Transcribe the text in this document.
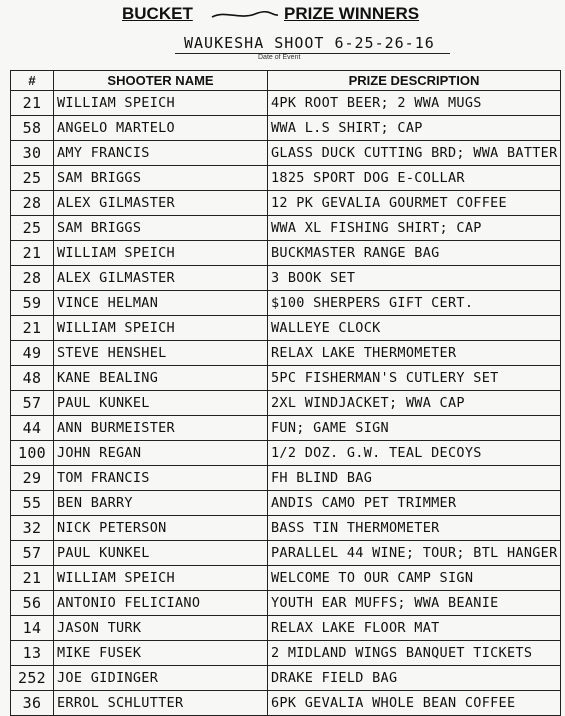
BUCKET	PRIZE WINNERS
WAUKESHA SHOOT 6-25-26-16
Date of Event
#	SHOOTER NAME	PRIZE DESCRIPTION
21	WILLIAM SPEICH	4PK ROOT BEER; 2 WWA MUGS
58	ANGELO MARTELO	WWA L.S SHIRT; CAP
30	AMY FRANCIS	GLASS DUCK CUTTING BRD; WWA BATTER
25	SAM BRIGGS	1825 SPORT DOG E-COLLAR
28	ALEX GILMASTER	12 PK GEVALIA GOURMET COFFEE
25	SAM BRIGGS	WWA XL FISHING SHIRT; CAP
21	WILLIAM SPEICH	BUCKMASTER RANGE BAG
28	ALEX GILMASTER	3 BOOK SET
59	VINCE HELMAN	$100 SHERPERS GIFT CERT.
21	WILLIAM SPEICH	WALLEYE CLOCK
49	STEVE HENSHEL	RELAX LAKE THERMOMETER
48	KANE BEALING	5PC FISHERMAN'S CUTLERY SET
57	PAUL KUNKEL	2XL WINDJACKET; WWA CAP
44	ANN BURMEISTER	FUN; GAME SIGN
100	JOHN REGAN	1/2 DOZ. G.W. TEAL DECOYS
29	TOM FRANCIS	FH BLIND BAG
55	BEN BARRY	ANDIS CAMO PET TRIMMER
32	NICK PETERSON	BASS TIN THERMOMETER
57	PAUL KUNKEL	PARALLEL 44 WINE; TOUR; BTL HANGER
21	WILLIAM SPEICH	WELCOME TO OUR CAMP SIGN
56	ANTONIO FELICIANO	YOUTH EAR MUFFS; WWA BEANIE
14	JASON TURK	RELAX LAKE FLOOR MAT
13	MIKE FUSEK	2 MIDLAND WINGS BANQUET TICKETS
252	JOE GIDINGER	DRAKE FIELD BAG
36	ERROL SCHLUTTER	6PK GEVALIA WHOLE BEAN COFFEE
